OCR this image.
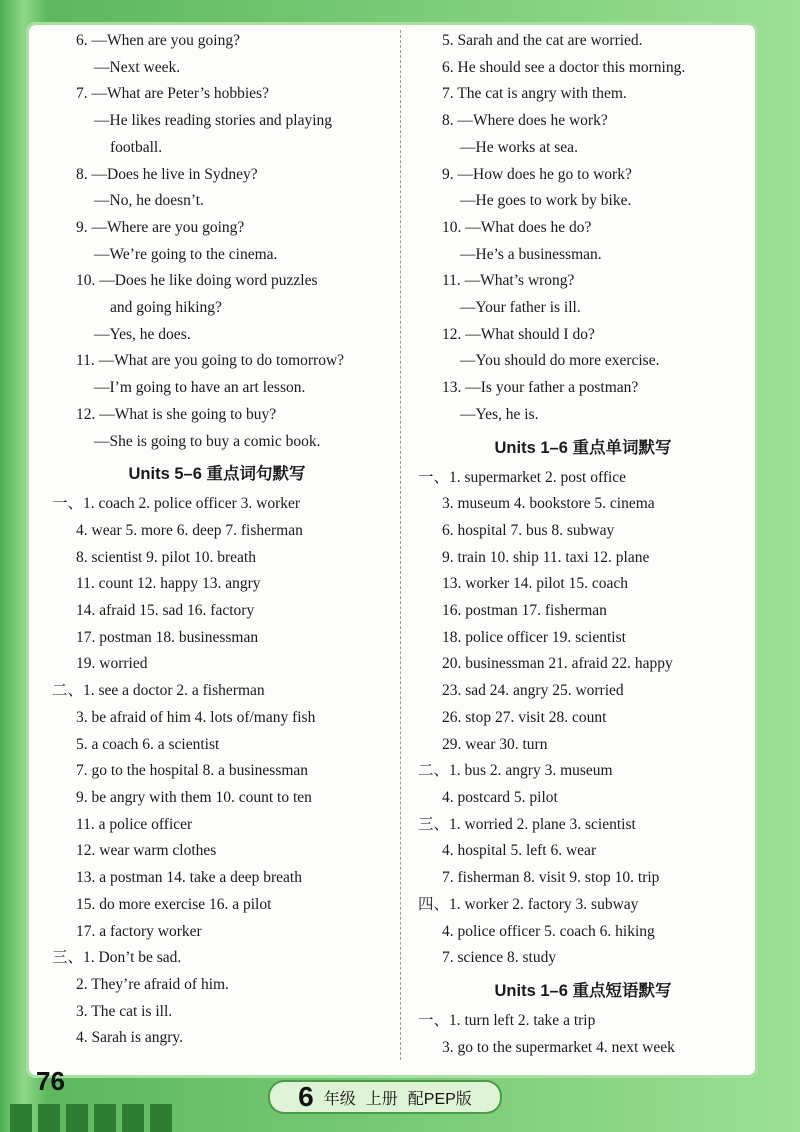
6. —When are you going?
—Next week.
7. —What are Peter’s hobbies?
—He likes reading stories and playing
football.
8. —Does he live in Sydney?
—No, he doesn’t.
9. —Where are you going?
—We’re going to the cinema.
10. —Does he like doing word puzzles
and going hiking?
—Yes, he does.
11. —What are you going to do tomorrow?
—I’m going to have an art lesson.
12. —What is she going to buy?
—She is going to buy a comic book.
Units 5–6 重点词句默写
一、1. coach 2. police officer 3. worker
4. wear 5. more 6. deep 7. fisherman
8. scientist 9. pilot 10. breath
11. count 12. happy 13. angry
14. afraid 15. sad 16. factory
17. postman 18. businessman
19. worried
二、1. see a doctor 2. a fisherman
3. be afraid of him 4. lots of/many fish
5. a coach 6. a scientist
7. go to the hospital 8. a businessman
9. be angry with them 10. count to ten
11. a police officer
12. wear warm clothes
13. a postman 14. take a deep breath
15. do more exercise 16. a pilot
17. a factory worker
三、1. Don’t be sad.
2. They’re afraid of him.
3. The cat is ill.
4. Sarah is angry.
5. Sarah and the cat are worried.
6. He should see a doctor this morning.
7. The cat is angry with them.
8. —Where does he work?
—He works at sea.
9. —How does he go to work?
—He goes to work by bike.
10. —What does he do?
—He’s a businessman.
11. —What’s wrong?
—Your father is ill.
12. —What should I do?
—You should do more exercise.
13. —Is your father a postman?
—Yes, he is.
Units 1–6 重点单词默写
一、1. supermarket 2. post office
3. museum 4. bookstore 5. cinema
6. hospital 7. bus 8. subway
9. train 10. ship 11. taxi 12. plane
13. worker 14. pilot 15. coach
16. postman 17. fisherman
18. police officer 19. scientist
20. businessman 21. afraid 22. happy
23. sad 24. angry 25. worried
26. stop 27. visit 28. count
29. wear 30. turn
二、1. bus 2. angry 3. museum
4. postcard 5. pilot
三、1. worried 2. plane 3. scientist
4. hospital 5. left 6. wear
7. fisherman 8. visit 9. stop 10. trip
四、1. worker 2. factory 3. subway
4. police officer 5. coach 6. hiking
7. science 8. study
Units 1–6 重点短语默写
一、1. turn left 2. take a trip
3. go to the supermarket 4. next week
76	6 年级 上册 配PEP版
